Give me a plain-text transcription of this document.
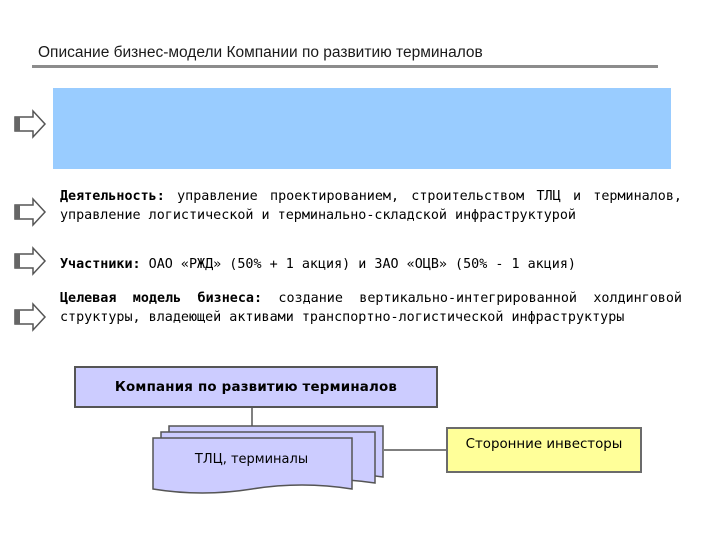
Описание бизнес-модели Компании по развитию терминалов
Деятельность: управление проектированием, строительством ТЛЦ и терминалов, управление логистической и терминально-складской инфраструктурой
Участники: ОАО «РЖД» (50% + 1 акция) и ЗАО «ОЦВ» (50% - 1 акция)
Целевая модель бизнеса: создание вертикально-интегрированной холдинговой структуры, владеющей активами транспортно-логистической инфраструктуры
Компания по развитию терминалов
ТЛЦ, терминалы
Сторонние инвесторы
